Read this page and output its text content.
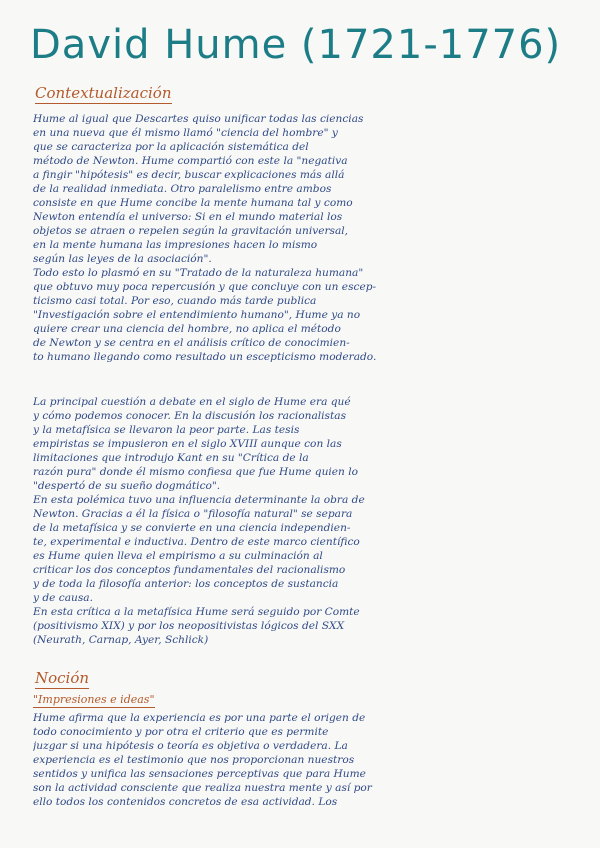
David Hume (1721-1776)
Contextualización
Hume al igual que Descartes quiso unificar todas las ciencias
en una nueva que él mismo llamó "ciencia del hombre" y
que se caracteriza por la aplicación sistemática del
método de Newton. Hume compartió con este la "negativa
a fingir "hipótesis" es decir, buscar explicaciones más allá
de la realidad inmediata. Otro paralelismo entre ambos
consiste en que Hume concibe la mente humana tal y como
Newton entendía el universo: Si en el mundo material los
objetos se atraen o repelen según la gravitación universal,
en la mente humana las impresiones hacen lo mismo
según las leyes de la asociación".
Todo esto lo plasmó en su "Tratado de la naturaleza humana"
que obtuvo muy poca repercusión y que concluye con un escep-
ticismo casi total. Por eso, cuando más tarde publica
"Investigación sobre el entendimiento humano", Hume ya no
quiere crear una ciencia del hombre, no aplica el método
de Newton y se centra en el análisis crítico de conocimien-
to humano llegando como resultado un escepticismo moderado.
La principal cuestión a debate en el siglo de Hume era qué
y cómo podemos conocer. En la discusión los racionalistas
y la metafísica se llevaron la peor parte. Las tesis
empiristas se impusieron en el siglo XVIII aunque con las
limitaciones que introdujo Kant en su "Crítica de la
razón pura" donde él mismo confiesa que fue Hume quien lo
"despertó de su sueño dogmático".
En esta polémica tuvo una influencia determinante la obra de
Newton. Gracias a él la física o "filosofía natural" se separa
de la metafísica y se convierte en una ciencia independien-
te, experimental e inductiva. Dentro de este marco científico
es Hume quien lleva el empirismo a su culminación al
criticar los dos conceptos fundamentales del racionalismo
y de toda la filosofía anterior: los conceptos de sustancia
y de causa.
En esta crítica a la metafísica Hume será seguido por Comte
(positivismo XIX) y por los neopositivistas lógicos del SXX
(Neurath, Carnap, Ayer, Schlick)
Noción
"Impresiones e ideas"
Hume afirma que la experiencia es por una parte el origen de
todo conocimiento y por otra el criterio que es permite
juzgar si una hipótesis o teoría es objetiva o verdadera. La
experiencia es el testimonio que nos proporcionan nuestros
sentidos y unifica las sensaciones perceptivas que para Hume
son la actividad consciente que realiza nuestra mente y así por
ello todos los contenidos concretos de esa actividad. Los
